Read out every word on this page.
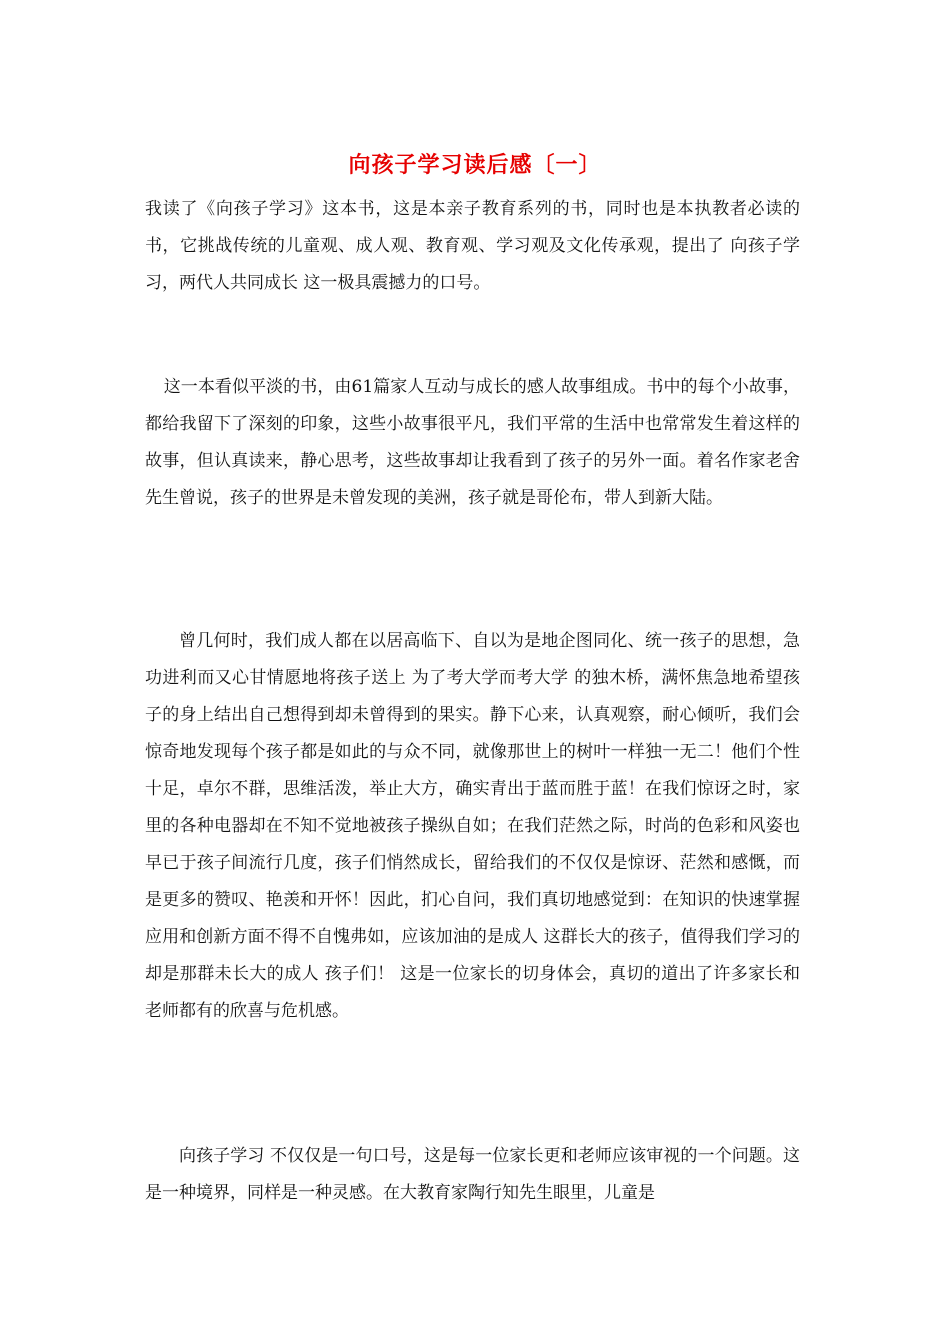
向孩子学习读后感〔一〕
我读了《向孩子学习》这本书，这是本亲子教育系列的书，同时也是本执教者必读的书，它挑战传统的儿童观、成人观、教育观、学习观及文化传承观，提出了 向孩子学习，两代人共同成长 这一极具震撼力的口号。
这一本看似平淡的书，由61篇家人互动与成长的感人故事组成。书中的每个小故事，都给我留下了深刻的印象，这些小故事很平凡，我们平常的生活中也常常发生着这样的故事，但认真读来，静心思考，这些故事却让我看到了孩子的另外一面。着名作家老舍先生曾说，孩子的世界是未曾发现的美洲，孩子就是哥伦布，带人到新大陆。
曾几何时，我们成人都在以居高临下、自以为是地企图同化、统一孩子的思想，急功进利而又心甘情愿地将孩子送上 为了考大学而考大学 的独木桥，满怀焦急地希望孩子的身上结出自己想得到却未曾得到的果实。静下心来，认真观察，耐心倾听，我们会惊奇地发现每个孩子都是如此的与众不同，就像那世上的树叶一样独一无二！他们个性十足，卓尔不群，思维活泼，举止大方，确实青出于蓝而胜于蓝！在我们惊讶之时，家里的各种电器却在不知不觉地被孩子操纵自如；在我们茫然之际，时尚的色彩和风姿也早已于孩子间流行几度，孩子们悄然成长，留给我们的不仅仅是惊讶、茫然和感慨，而是更多的赞叹、艳羡和开怀！因此，扪心自问，我们真切地感觉到：在知识的快速掌握应用和创新方面不得不自愧弗如，应该加油的是成人 这群长大的孩子，值得我们学习的却是那群未长大的成人 孩子们！ 这是一位家长的切身体会，真切的道出了许多家长和老师都有的欣喜与危机感。
向孩子学习 不仅仅是一句口号，这是每一位家长更和老师应该审视的一个问题。这是一种境界，同样是一种灵感。在大教育家陶行知先生眼里，儿童是
